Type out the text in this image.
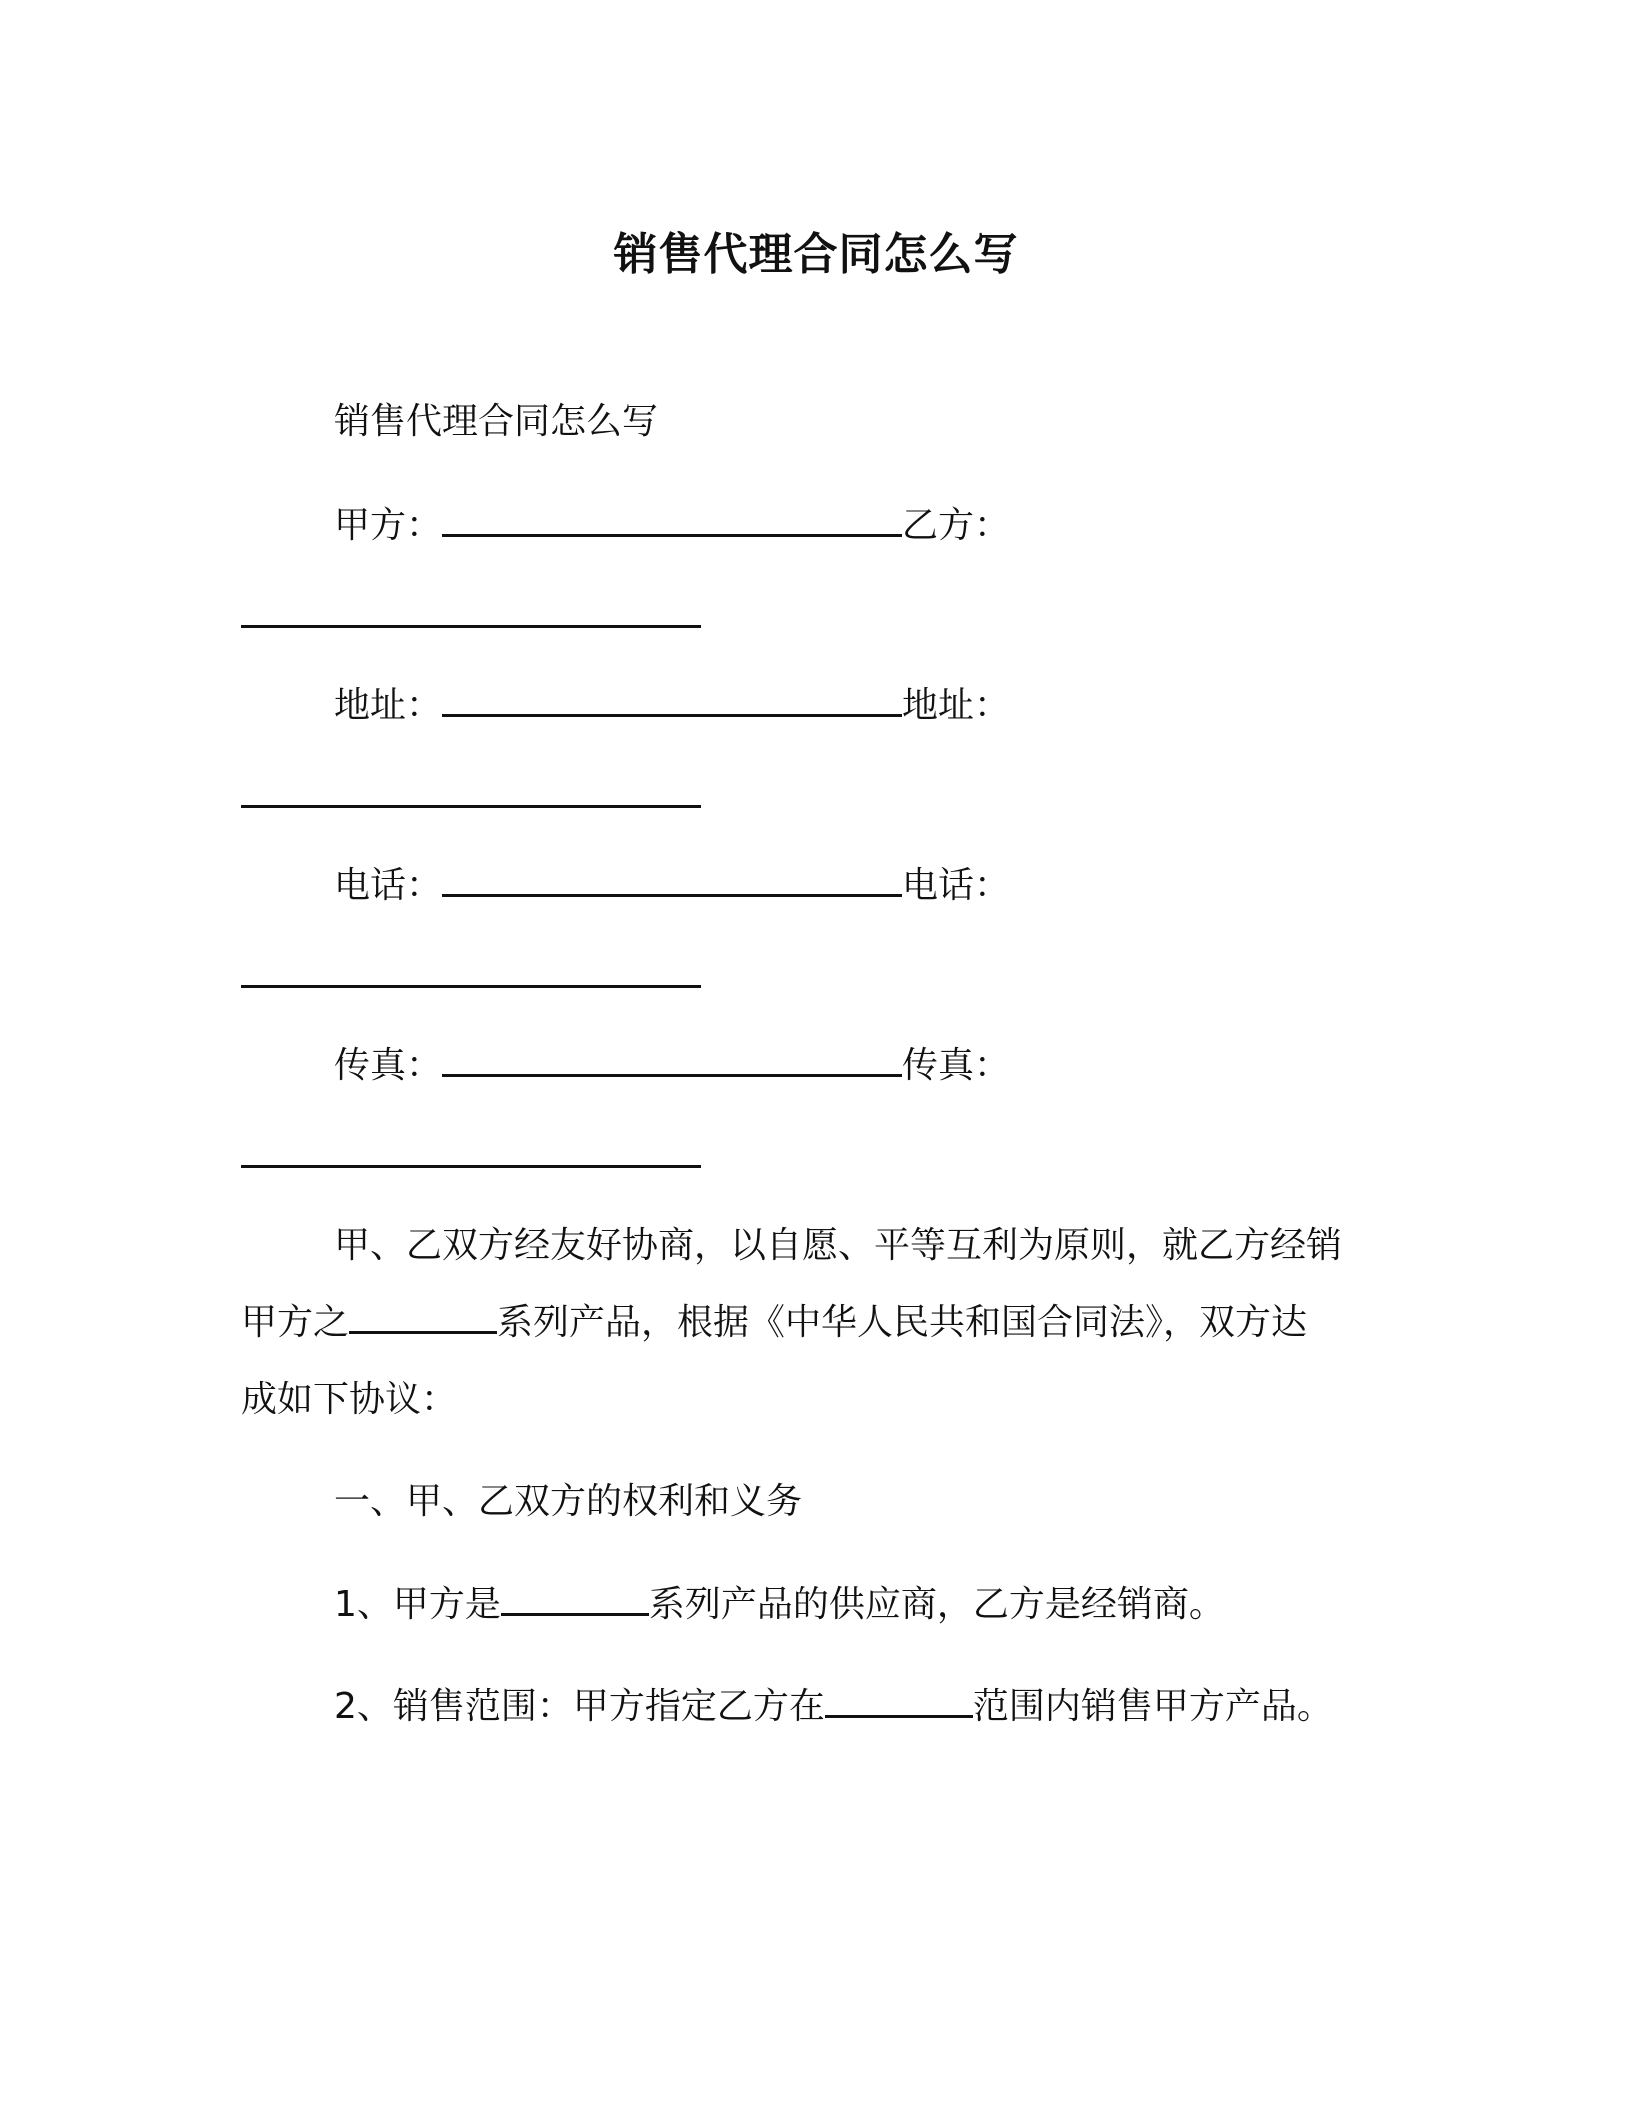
销售代理合同怎么写
销售代理合同怎么写
甲方：	乙方：
地址：	地址：
电话：	电话：
传真：	传真：
甲、乙双方经友好协商，以自愿、平等互利为原则，就乙方经销
甲方之	系列产品，根据《中华人民共和国合同法》，双方达
成如下协议：
一、甲、乙双方的权利和义务
1、甲方是	系列产品的供应商，乙方是经销商。
2、销售范围：甲方指定乙方在	范围内销售甲方产品。
